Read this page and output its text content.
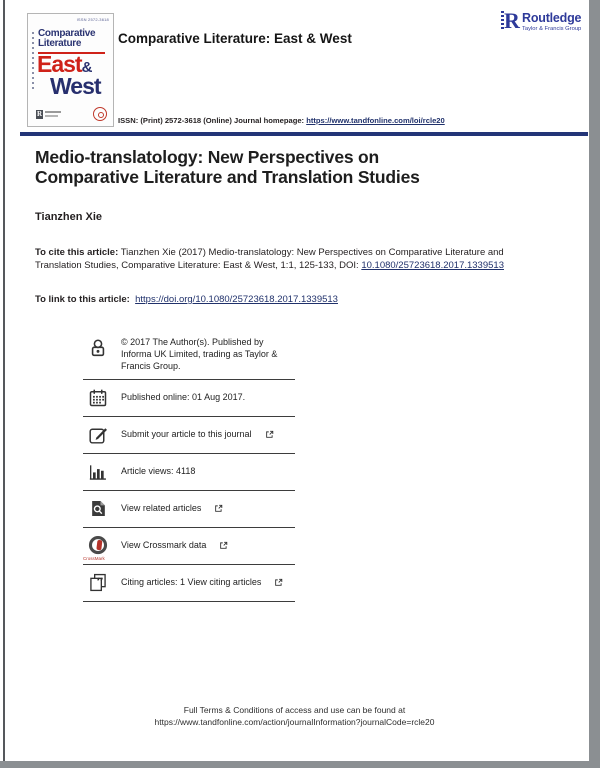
ISSN 2572-3618
Comparative
Literature
East&
West
R
Comparative Literature: East & West
R Routledge
Taylor & Francis Group
ISSN: (Print) 2572-3618 (Online) Journal homepage: https://www.tandfonline.com/loi/rcle20
Medio-translatology: New Perspectives on
Comparative Literature and Translation Studies
Tianzhen Xie
To cite this article: Tianzhen Xie (2017) Medio-translatology: New Perspectives on Comparative Literature and Translation Studies, Comparative Literature: East & West, 1:1, 125-133, DOI: 10.1080/25723618.2017.1339513
To link to this article: https://doi.org/10.1080/25723618.2017.1339513
© 2017 The Author(s). Published by Informa UK Limited, trading as Taylor & Francis Group.
Published online: 01 Aug 2017.
Submit your article to this journal
Article views: 4118
View related articles
CrossMark
View Crossmark data
Citing articles: 1 View citing articles
Full Terms & Conditions of access and use can be found at
https://www.tandfonline.com/action/journalInformation?journalCode=rcle20
